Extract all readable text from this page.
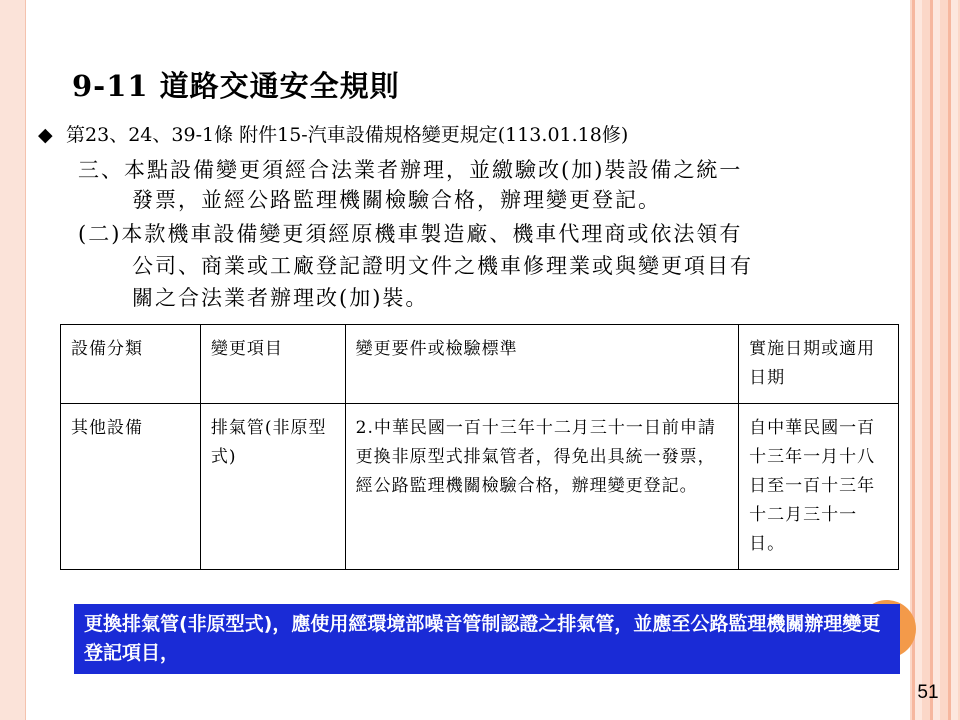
9-11 道路交通安全規則
◆ 第23、24、39-1條 附件15-汽車設備規格變更規定(113.01.18修)
三、本點設備變更須經合法業者辦理，並繳驗改(加)裝設備之統一
發票，並經公路監理機關檢驗合格，辦理變更登記。
(二)本款機車設備變更須經原機車製造廠、機車代理商或依法領有
公司、商業或工廠登記證明文件之機車修理業或與變更項目有
關之合法業者辦理改(加)裝。
設備分類	變更項目	變更要件或檢驗標準	實施日期或適用日期
其他設備	排氣管(非原型式)	2.中華民國一百十三年十二月三十一日前申請更換非原型式排氣管者，得免出具統一發票，經公路監理機關檢驗合格，辦理變更登記。	自中華民國一百十三年一月十八日至一百十三年十二月三十一日。
更換排氣管(非原型式)，應使用經環境部噪音管制認證之排氣管，並應至公路監理機關辦理變更登記項目，
51
